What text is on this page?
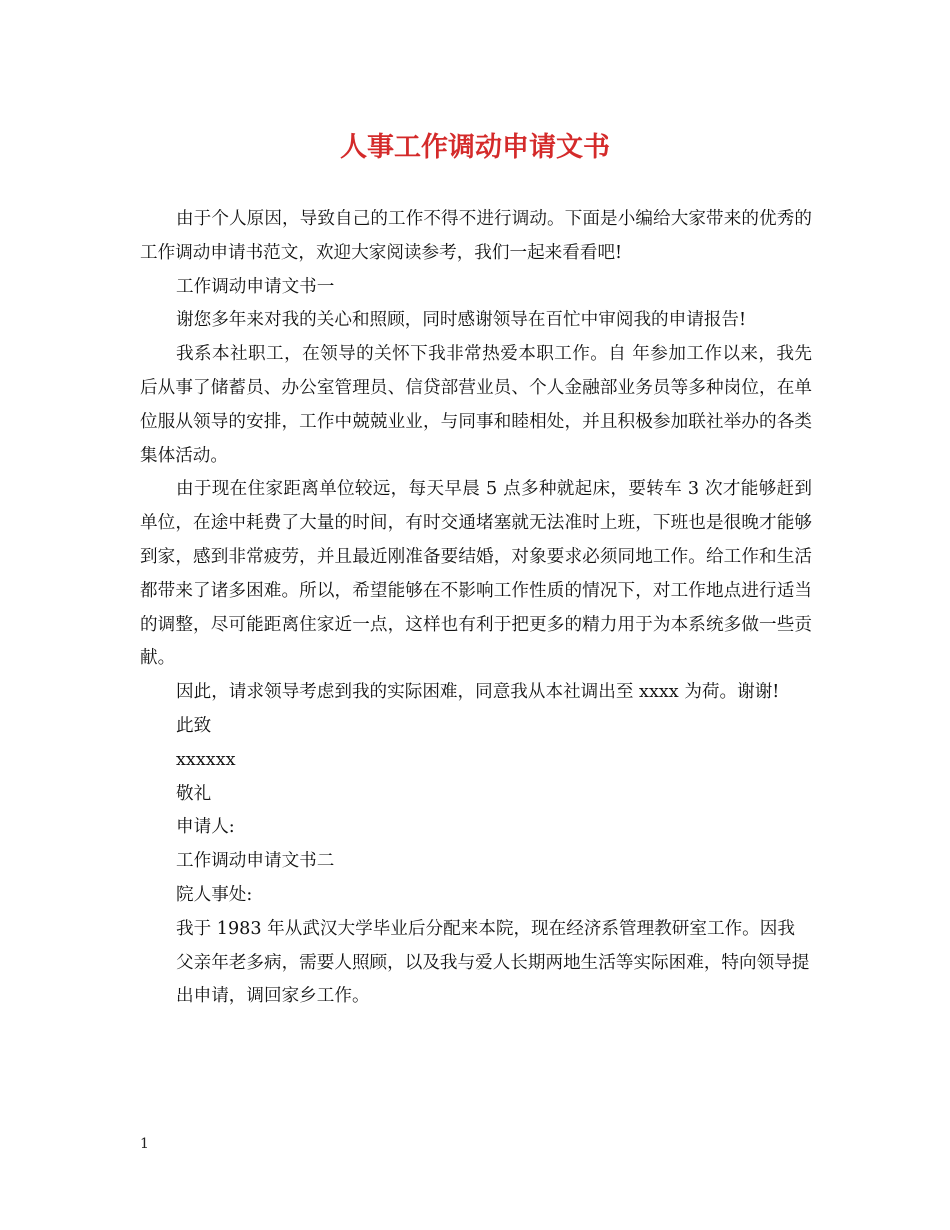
人事工作调动申请文书

由于个人原因，导致自己的工作不得不进行调动。下面是小编给大家带来的优秀的工作调动申请书范文，欢迎大家阅读参考，我们一起来看看吧!

工作调动申请文书一

谢您多年来对我的关心和照顾，同时感谢领导在百忙中审阅我的申请报告!

我系本社职工，在领导的关怀下我非常热爱本职工作。自 年参加工作以来，我先后从事了储蓄员、办公室管理员、信贷部营业员、个人金融部业务员等多种岗位，在单位服从领导的安排，工作中兢兢业业，与同事和睦相处，并且积极参加联社举办的各类集体活动。

由于现在住家距离单位较远，每天早晨 5 点多种就起床，要转车 3 次才能够赶到单位，在途中耗费了大量的时间，有时交通堵塞就无法准时上班，下班也是很晚才能够到家，感到非常疲劳，并且最近刚准备要结婚，对象要求必须同地工作。给工作和生活都带来了诸多困难。所以，希望能够在不影响工作性质的情况下，对工作地点进行适当的调整，尽可能距离住家近一点，这样也有利于把更多的精力用于为本系统多做一些贡献。

因此，请求领导考虑到我的实际困难，同意我从本社调出至 xxxx 为荷。谢谢!

此致

xxxxxx

敬礼

申请人:

工作调动申请文书二

院人事处:

我于 1983 年从武汉大学毕业后分配来本院，现在经济系管理教研室工作。因我

父亲年老多病，需要人照顾，以及我与爱人长期两地生活等实际困难，特向领导提

出申请，调回家乡工作。

1
